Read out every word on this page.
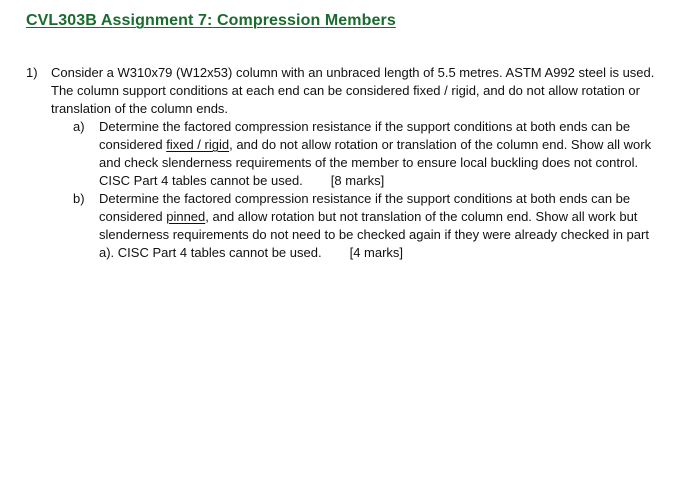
CVL303B Assignment 7: Compression Members
1)	Consider a W310x79 (W12x53) column with an unbraced length of 5.5 metres. ASTM A992 steel is used. The column support conditions at each end can be considered fixed / rigid, and do not allow rotation or translation of the column ends.
a)	Determine the factored compression resistance if the support conditions at both ends can be considered fixed / rigid, and do not allow rotation or translation of the column end. Show all work and check slenderness requirements of the member to ensure local buckling does not control. CISC Part 4 tables cannot be used. [8 marks]
b)	Determine the factored compression resistance if the support conditions at both ends can be considered pinned, and allow rotation but not translation of the column end. Show all work but slenderness requirements do not need to be checked again if they were already checked in part a). CISC Part 4 tables cannot be used. [4 marks]
